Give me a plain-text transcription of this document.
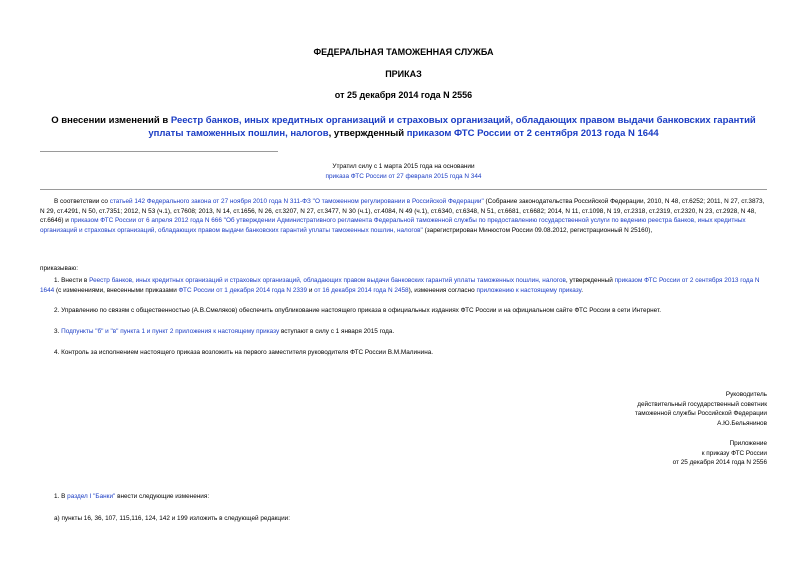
ФЕДЕРАЛЬНАЯ ТАМОЖЕННАЯ СЛУЖБА
ПРИКАЗ
от 25 декабря 2014 года N 2556
О внесении изменений в Реестр банков, иных кредитных организаций и страховых организаций, обладающих правом выдачи банковских гарантий уплаты таможенных пошлин, налогов, утвержденный приказом ФТС России от 2 сентября 2013 года N 1644
Утратил силу с 1 марта 2015 года на основании
приказа ФТС России от 27 февраля 2015 года N 344
В соответствии со статьей 142 Федерального закона от 27 ноября 2010 года N 311-ФЗ "О таможенном регулировании в Российской Федерации" (Собрание законодательства Российской Федерации, 2010, N 48, ст.6252; 2011, N 27, ст.3873, N 29, ст.4291, N 50, ст.7351; 2012, N 53 (ч.1), ст.7608; 2013, N 14, ст.1656, N 26, ст.3207, N 27, ст.3477, N 30 (ч.1), ст.4084, N 49 (ч.1), ст.6340, ст.6348, N 51, ст.6681, ст.6682; 2014, N 11, ст.1098, N 19, ст.2318, ст.2319, ст.2320, N 23, ст.2928, N 48, ст.6646) и приказом ФТС России от 6 апреля 2012 года N 666 "Об утверждении Административного регламента Федеральной таможенной службы по предоставлению государственной услуги по ведению реестра банков, иных кредитных организаций и страховых организаций, обладающих правом выдачи банковских гарантий уплаты таможенных пошлин, налогов" (зарегистрирован Минюстом России 09.08.2012, регистрационный N 25160),
приказываю:
1. Внести в Реестр банков, иных кредитных организаций и страховых организаций, обладающих правом выдачи банковских гарантий уплаты таможенных пошлин, налогов, утвержденный приказом ФТС России от 2 сентября 2013 года N 1644 (с изменениями, внесенными приказами ФТС России от 1 декабря 2014 года N 2339 и от 16 декабря 2014 года N 2458), изменения согласно приложению к настоящему приказу.
2. Управлению по связям с общественностью (А.В.Смеляков) обеспечить опубликование настоящего приказа в официальных изданиях ФТС России и на официальном сайте ФТС России в сети Интернет.
3. Подпункты "б" и "в" пункта 1 и пункт 2 приложения к настоящему приказу вступают в силу с 1 января 2015 года.
4. Контроль за исполнением настоящего приказа возложить на первого заместителя руководителя ФТС России В.М.Малинина.
Руководитель
действительный государственный советник
таможенной службы Российской Федерации
А.Ю.Бельянинов
Приложение
к приказу ФТС России
от 25 декабря 2014 года N 2556
1. В раздел I "Банки" внести следующие изменения:
а) пункты 16, 36, 107, 115,116, 124, 142 и 199 изложить в следующей редакции:
